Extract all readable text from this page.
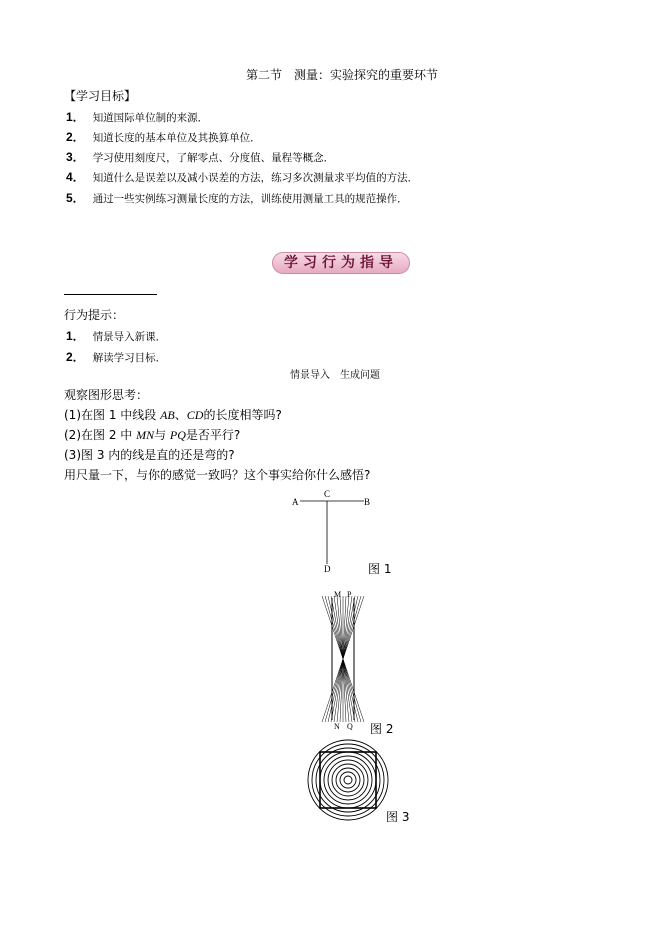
第二节　测量：实验探究的重要环节
【学习目标】
1． 知道国际单位制的来源．
2． 知道长度的基本单位及其换算单位．
3． 学习使用刻度尺，了解零点、分度值、量程等概念．
4． 知道什么是误差以及减小误差的方法，练习多次测量求平均值的方法．
5． 通过一些实例练习测量长度的方法，训练使用测量工具的规范操作．
学习行为指导
行为提示：
1． 情景导入新课．
2． 解读学习目标．
情景导入　生成问题
观察图形思考：
(1)在图 1 中线段 AB、CD的长度相等吗?
(2)在图 2 中 MN与 PQ是否平行?
(3)图 3 内的线是直的还是弯的?
用尺量一下，与你的感觉一致吗？这个事实给你什么感悟?
A
C
B
D	图 1
M P
N Q 图 2
图 3
